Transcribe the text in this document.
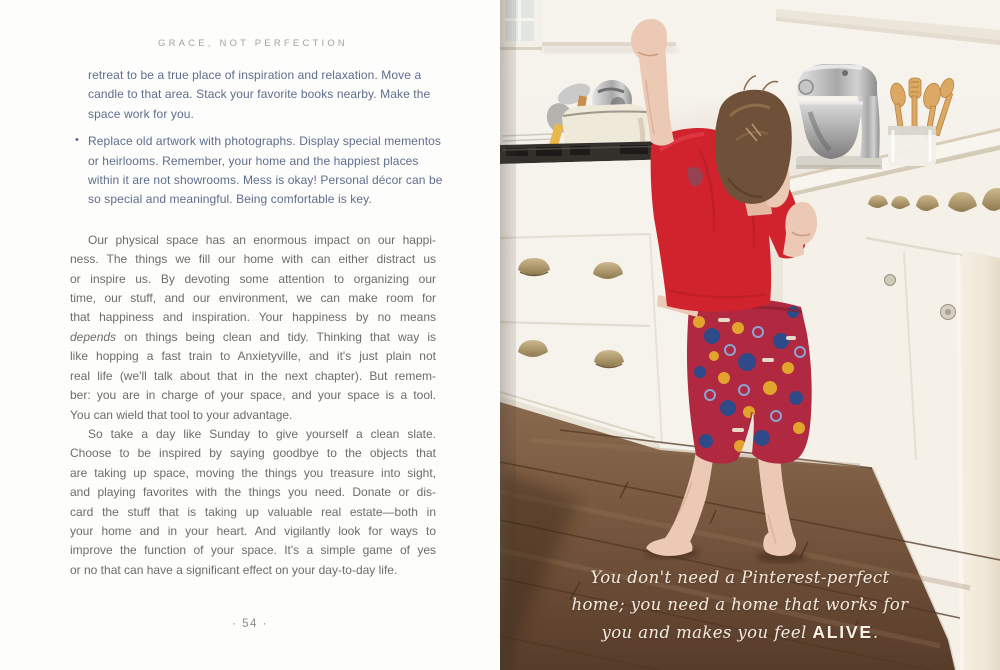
GRACE, NOT PERFECTION
retreat to be a true place of inspiration and relaxation. Move a
candle to that area. Stack your favorite books nearby. Make the
space work for you.
• Replace old artwork with photographs. Display special mementos
or heirlooms. Remember, your home and the happiest places
within it are not showrooms. Mess is okay! Personal décor can be
so special and meaningful. Being comfortable is key.
Our physical space has an enormous impact on our happi-
ness. The things we fill our home with can either distract us
or inspire us. By devoting some attention to organizing our
time, our stuff, and our environment, we can make room for
that happiness and inspiration. Your happiness by no means
depends on things being clean and tidy. Thinking that way is
like hopping a fast train to Anxietyville, and it's just plain not
real life (we'll talk about that in the next chapter). But remem-
ber: you are in charge of your space, and your space is a tool.
You can wield that tool to your advantage.
So take a day like Sunday to give yourself a clean slate.
Choose to be inspired by saying goodbye to the objects that
are taking up space, moving the things you treasure into sight,
and playing favorites with the things you need. Donate or dis-
card the stuff that is taking up valuable real estate—both in
your home and in your heart. And vigilantly look for ways to
improve the function of your space. It's a simple game of yes
or no that can have a significant effect on your day-to-day life.
· 54 ·
You don't need a Pinterest-perfect
home; you need a home that works for
you and makes you feel ALIVE.
